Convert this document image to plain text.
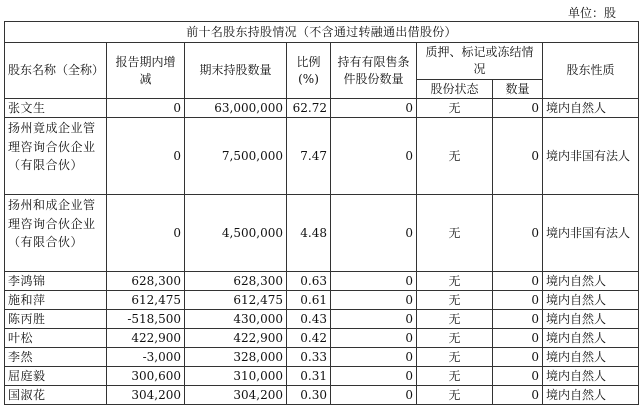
单位：股
前十名股东持股情况（不含通过转融通出借股份）							
股东名称（全称）	报告期内增减	期末持股数量	比例(%)	持有有限售条件股份数量	质押、标记或冻结情况		股东性质
					股份状态	数量	
张文生	0	63,000,000	62.72	0	无	0	境内自然人
扬州竟成企业管理咨询合伙企业（有限合伙）	0	7,500,000	7.47	0	无	0	境内非国有法人
扬州和成企业管理咨询合伙企业（有限合伙）	0	4,500,000	4.48	0	无	0	境内非国有法人
李鸿锦	628,300	628,300	0.63	0	无	0	境内自然人
施和萍	612,475	612,475	0.61	0	无	0	境内自然人
陈丙胜	-518,500	430,000	0.43	0	无	0	境内自然人
叶松	422,900	422,900	0.42	0	无	0	境内自然人
李然	-3,000	328,000	0.33	0	无	0	境内自然人
屈庭毅	300,600	310,000	0.31	0	无	0	境内自然人
国淑花	304,200	304,200	0.30	0	无	0	境内自然人
